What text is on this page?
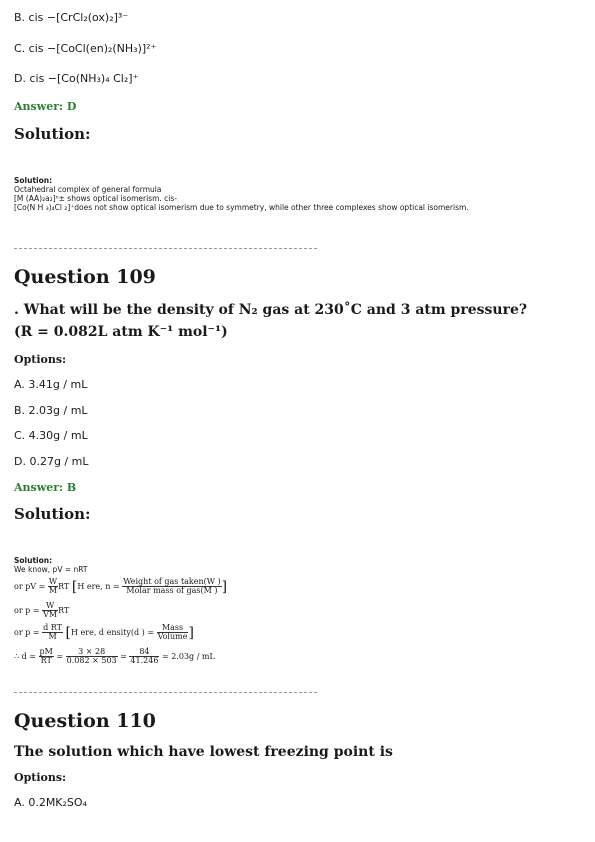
B. cis −[CrCl₂(ox)₂]³⁻
C. cis −[CoCl(en)₂(NH₃)]²⁺
D. cis −[Co(NH₃)₄ Cl₂]⁺
Answer: D
Solution:
Solution:
Octahedral complex of general formula
[M (AA)₂a₂]ⁿ± shows optical isomerism. cis-
[Co(N H ₃)₄Cl ₂]⁺does not show optical isomerism due to symmetry, while other three complexes show optical isomerism.
Question 109
. What will be the density of N₂ gas at 230˚C and 3 atm pressure?
(R = 0.082L atm K⁻¹ mol⁻¹)
Options:
A. 3.41g / mL
B. 2.03g / mL
C. 4.30g / mL
D. 0.27g / mL
Answer: B
Solution:
Solution:
We know, pV = nRT
or pV = $\frac{W}{M}$ RT [H ere, $n = \frac{\text{Weight of gas taken(W )}}{\text{Molar mass of gas(M )}}$ ]
or $p = \frac{W}{VM}$ RT
or $p = \frac{\text{d RT}}{M} [H$ ere, d ensity(d ) = $\frac{\text{Mass}}{\text{Volume}}$ ]
∴ $d = \frac{pM}{RT} = \frac{3 \times 28}{0.082 \times 503} = \frac{84}{41.246} = 2.03g$ / mL
Question 110
The solution which have lowest freezing point is
Options:
A. 0.2MK₂SO₄
